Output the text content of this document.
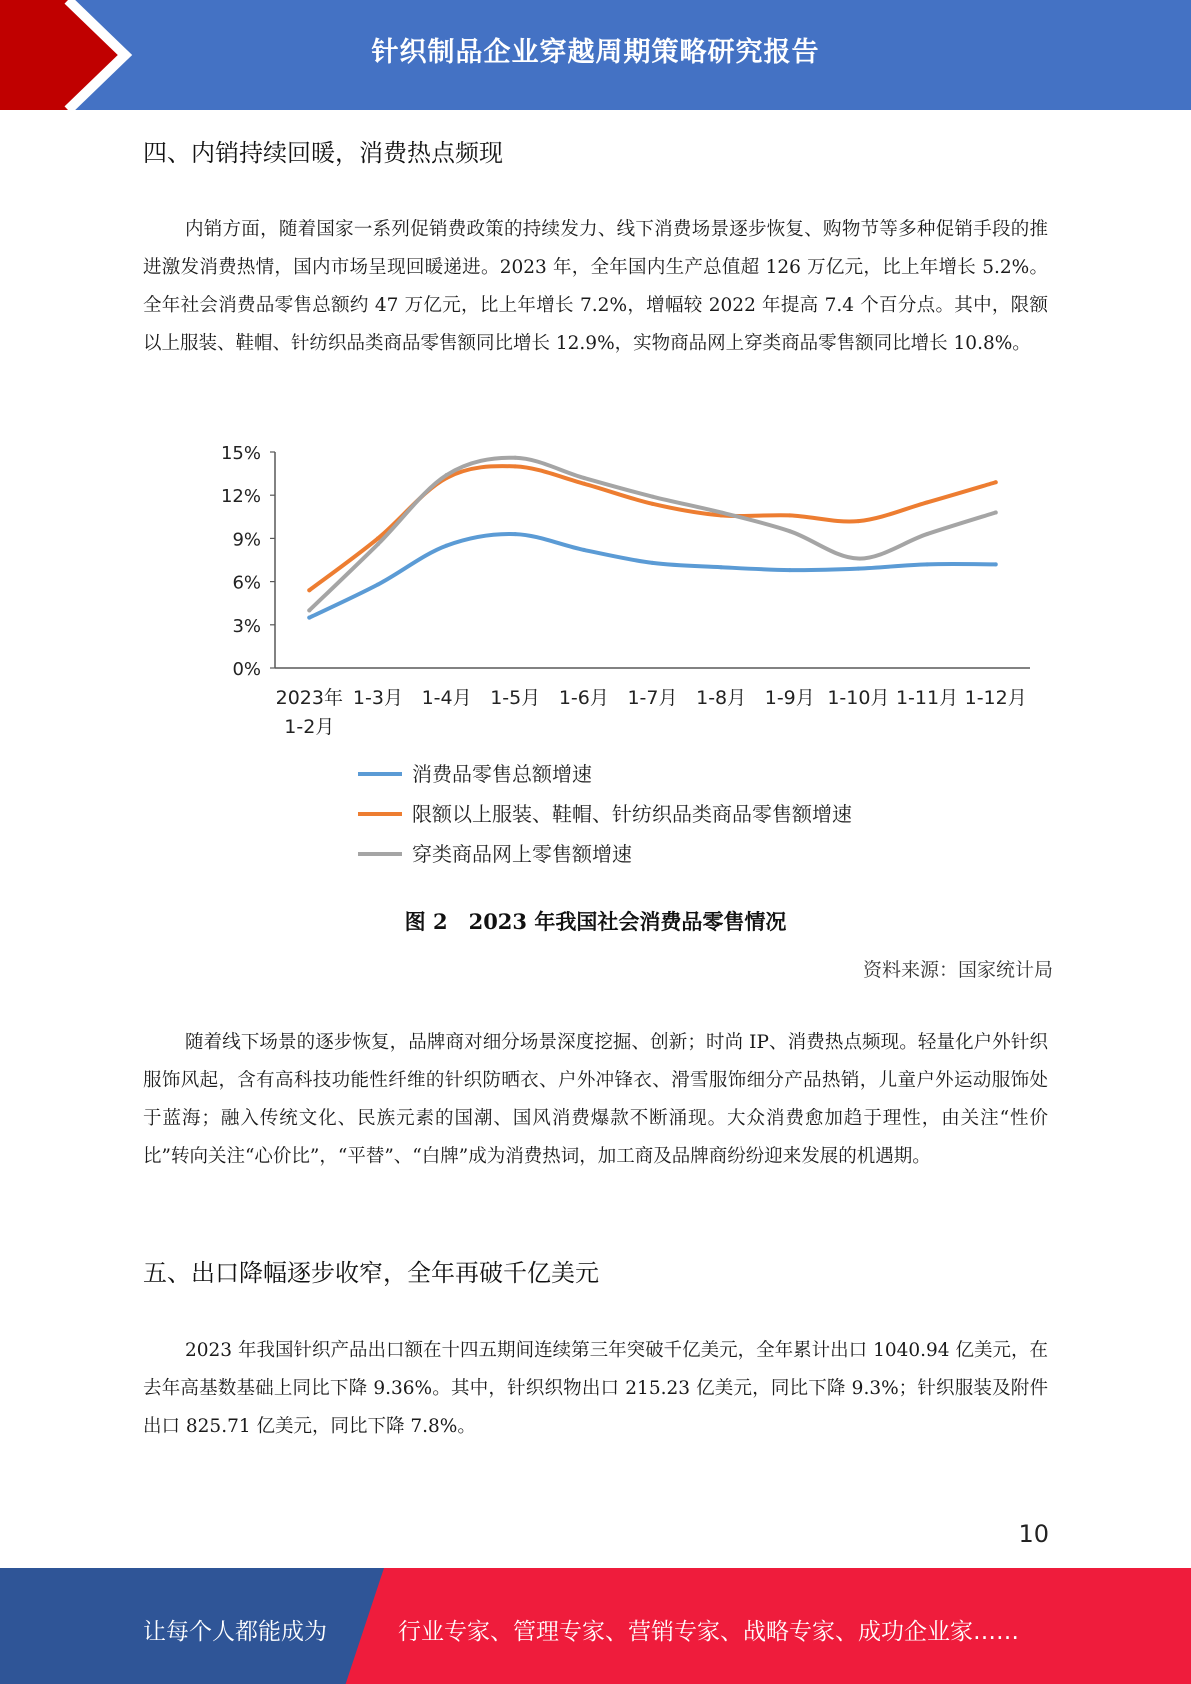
针织制品企业穿越周期策略研究报告
四、内销持续回暖，消费热点频现

内销方面，随着国家一系列促销费政策的持续发力、线下消费场景逐步恢复、购物节等多种促销手段的推进激发消费热情，国内市场呈现回暖递进。2023 年，全年国内生产总值超 126 万亿元，比上年增长 5.2%。全年社会消费品零售总额约 47 万亿元，比上年增长 7.2%，增幅较 2022 年提高 7.4 个百分点。其中，限额以上服装、鞋帽、针纺织品类商品零售额同比增长 12.9%，实物商品网上穿类商品零售额同比增长 10.8%。

0%
3%
6%
9%
12%
15%
2023年
1-2月
1-3月 1-4月 1-5月 1-6月 1-7月 1-8月 1-9月 1-10月 1-11月 1-12月
消费品零售总额增速
限额以上服装、鞋帽、针纺织品类商品零售额增速
穿类商品网上零售额增速
图 2　2023 年我国社会消费品零售情况
资料来源：国家统计局

随着线下场景的逐步恢复，品牌商对细分场景深度挖掘、创新；时尚 IP、消费热点频现。轻量化户外针织服饰风起，含有高科技功能性纤维的针织防晒衣、户外冲锋衣、滑雪服饰细分产品热销，儿童户外运动服饰处于蓝海；融入传统文化、民族元素的国潮、国风消费爆款不断涌现。大众消费愈加趋于理性，由关注“性价比”转向关注“心价比”，“平替”、“白牌”成为消费热词，加工商及品牌商纷纷迎来发展的机遇期。

五、出口降幅逐步收窄，全年再破千亿美元

2023 年我国针织产品出口额在十四五期间连续第三年突破千亿美元，全年累计出口 1040.94 亿美元，在去年高基数基础上同比下降 9.36%。其中，针织织物出口 215.23 亿美元，同比下降 9.3%；针织服装及附件出口 825.71 亿美元，同比下降 7.8%。

10
让每个人都能成为	行业专家、管理专家、营销专家、战略专家、成功企业家……
